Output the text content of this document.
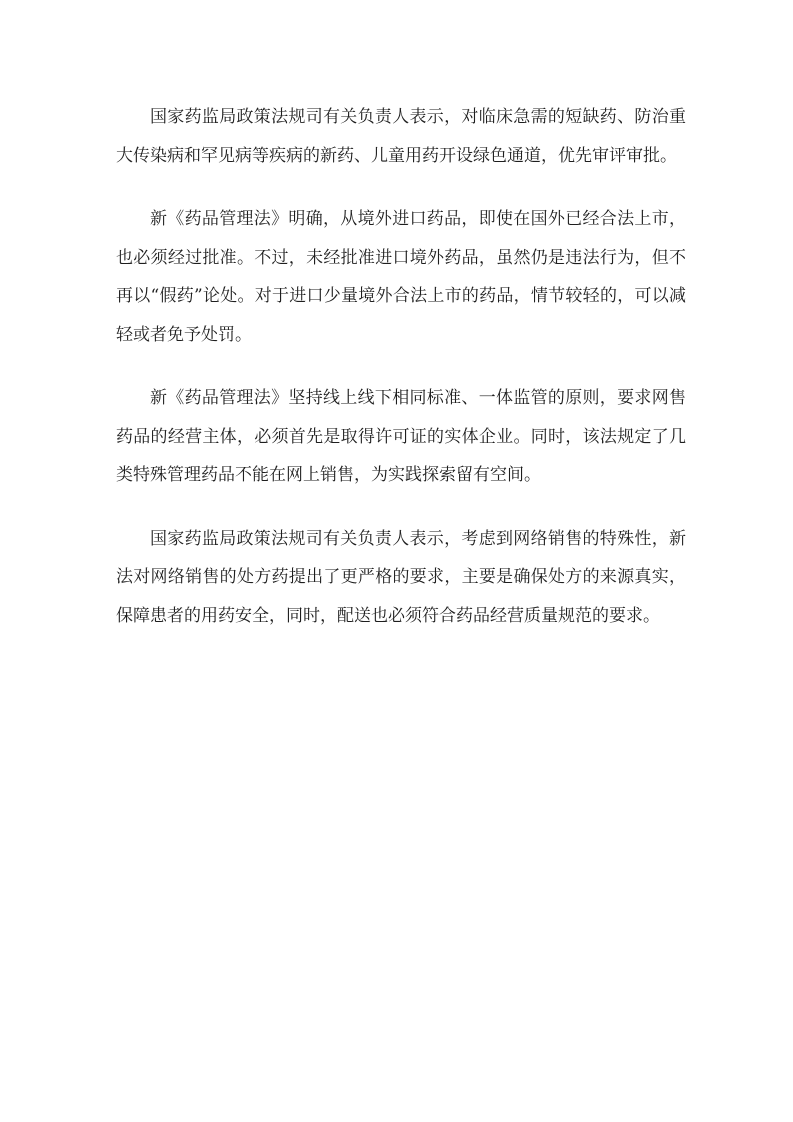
国家药监局政策法规司有关负责人表示，对临床急需的短缺药、防治重大传染病和罕见病等疾病的新药、儿童用药开设绿色通道，优先审评审批。

新《药品管理法》明确，从境外进口药品，即使在国外已经合法上市，也必须经过批准。不过，未经批准进口境外药品，虽然仍是违法行为，但不再以“假药”论处。对于进口少量境外合法上市的药品，情节较轻的，可以减轻或者免予处罚。

新《药品管理法》坚持线上线下相同标准、一体监管的原则，要求网售药品的经营主体，必须首先是取得许可证的实体企业。同时，该法规定了几类特殊管理药品不能在网上销售，为实践探索留有空间。

国家药监局政策法规司有关负责人表示，考虑到网络销售的特殊性，新法对网络销售的处方药提出了更严格的要求，主要是确保处方的来源真实，保障患者的用药安全，同时，配送也必须符合药品经营质量规范的要求。
